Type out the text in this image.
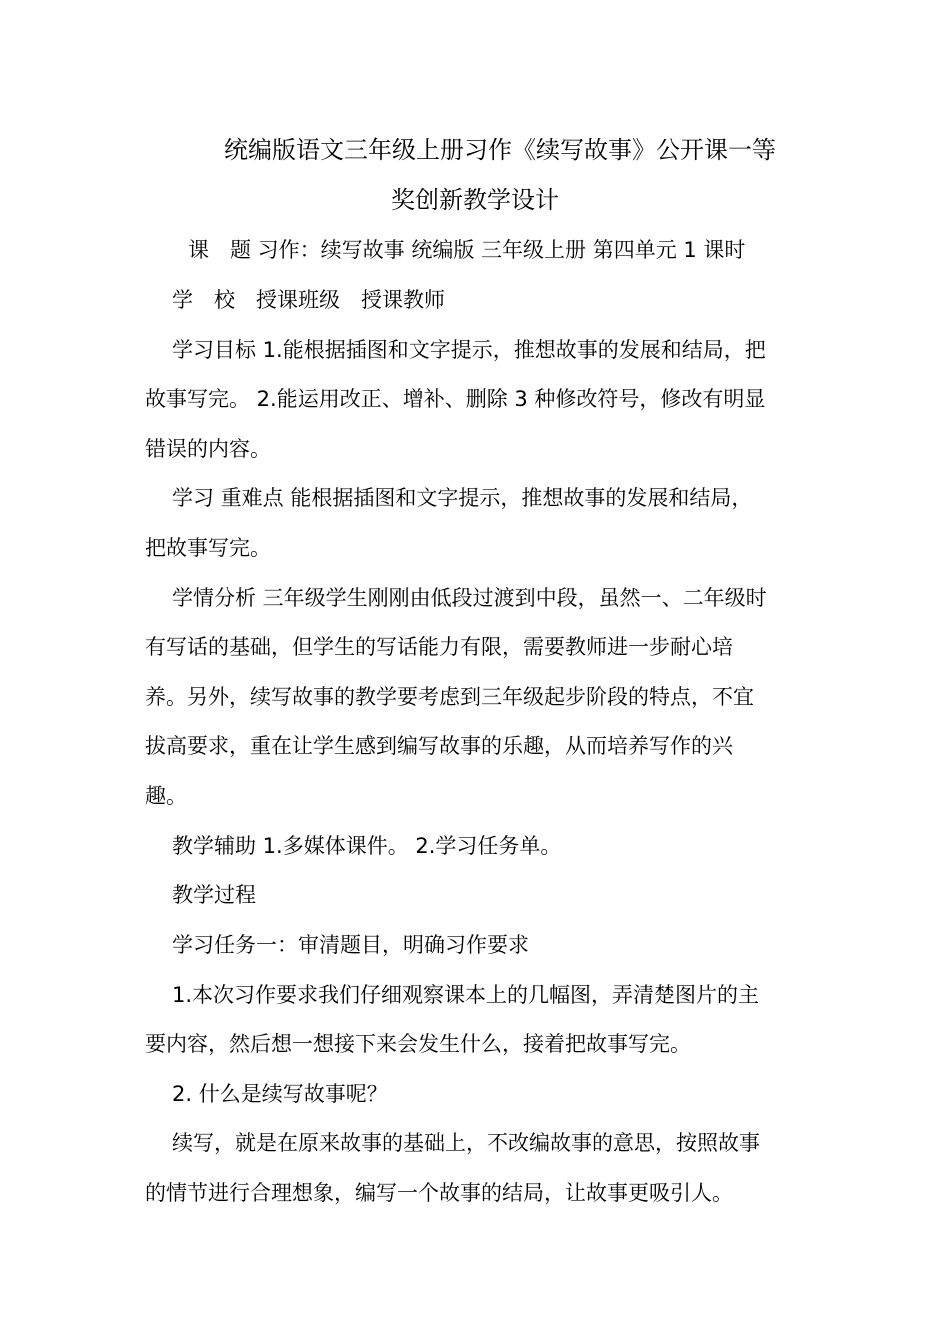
统编版语文三年级上册习作《续写故事》公开课一等
奖创新教学设计
课　题 习作：续写故事 统编版 三年级上册 第四单元 1 课时
学　校　授课班级　授课教师
学习目标 1.能根据插图和文字提示，推想故事的发展和结局，把
故事写完。 2.能运用改正、增补、删除 3 种修改符号，修改有明显
错误的内容。
学习 重难点 能根据插图和文字提示，推想故事的发展和结局，
把故事写完。
学情分析 三年级学生刚刚由低段过渡到中段，虽然一、二年级时
有写话的基础，但学生的写话能力有限，需要教师进一步耐心培
养。另外，续写故事的教学要考虑到三年级起步阶段的特点，不宜
拔高要求，重在让学生感到编写故事的乐趣，从而培养写作的兴
趣。
教学辅助 1.多媒体课件。 2.学习任务单。
教学过程
学习任务一：审清题目，明确习作要求
1.本次习作要求我们仔细观察课本上的几幅图，弄清楚图片的主
要内容，然后想一想接下来会发生什么，接着把故事写完。
2. 什么是续写故事呢？
续写，就是在原来故事的基础上，不改编故事的意思，按照故事
的情节进行合理想象，编写一个故事的结局，让故事更吸引人。
